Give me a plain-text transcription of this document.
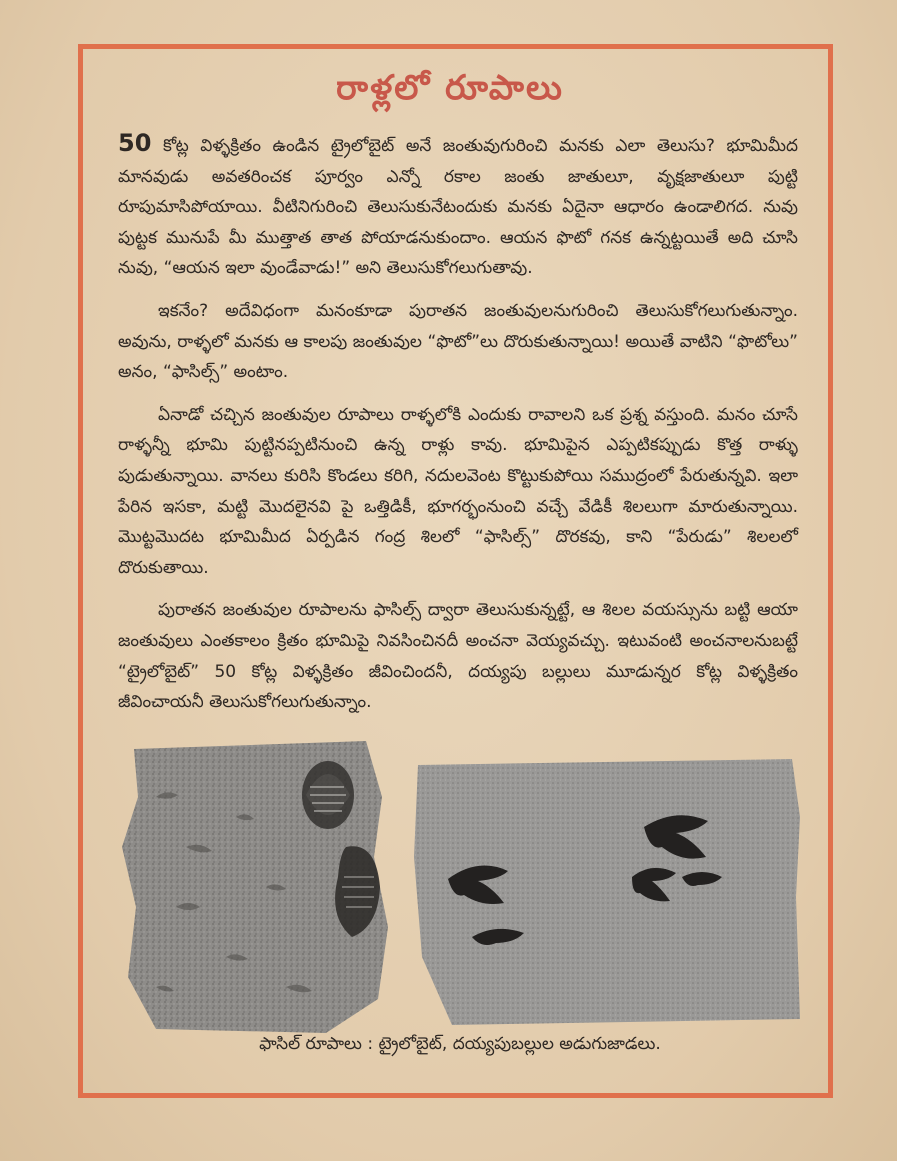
రాళ్లలో రూపాలు

50 కోట్ల విళ్ళక్రితం ఉండిన ట్రైలోబైట్ అనే జంతువుగురించి మనకు ఎలా తెలుసు? భూమిమీద మానవుడు అవతరించక పూర్వం ఎన్నో రకాల జంతు జాతులూ, వృక్షజాతులూ పుట్టి రూపుమాసిపోయాయి. వీటినిగురించి తెలుసుకునేటందుకు మనకు ఏదైనా ఆధారం ఉండాలిగద. నువు పుట్టక మునుపే మీ ముత్తాత తాత పోయాడనుకుందాం. ఆయన ఫొటో గనక ఉన్నట్టయితే అది చూసి నువు, “ఆయన ఇలా వుండేవాడు!” అని తెలుసుకోగలుగుతావు.

ఇకనేం? అదేవిధంగా మనంకూడా పురాతన జంతువులనుగురించి తెలుసుకోగలుగుతున్నాం. అవును, రాళ్ళలో మనకు ఆ కాలపు జంతువుల “ఫొటో”లు దొరుకుతున్నాయి! అయితే వాటిని “ఫొటోలు” అనం, “ఫాసిల్స్” అంటాం.

ఏనాడో చచ్చిన జంతువుల రూపాలు రాళ్ళలోకి ఎందుకు రావాలని ఒక ప్రశ్న వస్తుంది. మనం చూసే రాళ్ళన్నీ భూమి పుట్టినప్పటినుంచి ఉన్న రాళ్లు కావు. భూమిపైన ఎప్పటికప్పుడు కొత్త రాళ్ళు పుడుతున్నాయి. వానలు కురిసి కొండలు కరిగి, నదులవెంట కొట్టుకుపోయి సముద్రంలో పేరుతున్నవి. ఇలా పేరిన ఇసకా, మట్టి మొదలైనవి పై ఒత్తిడికీ, భూగర్భంనుంచి వచ్చే వేడికీ శిలలుగా మారుతున్నాయి. మొట్టమొదట భూమిమీద ఏర్పడిన గంద్ర శిలలో “ఫాసిల్స్” దొరకవు, కాని “పేరుడు” శిలలలో దొరుకుతాయి.

పురాతన జంతువుల రూపాలను ఫాసిల్స్ ద్వారా తెలుసుకున్నట్టే, ఆ శిలల వయస్సును బట్టి ఆయా జంతువులు ఎంతకాలం క్రితం భూమిపై నివసించినదీ అంచనా వెయ్యవచ్చు. ఇటువంటి అంచనాలనుబట్టే “ట్రైలోబైట్” 50 కోట్ల విళ్ళక్రితం జీవించిందనీ, దయ్యపు బల్లులు మూడున్నర కోట్ల విళ్ళక్రితం జీవించాయనీ తెలుసుకోగలుగుతున్నాం.

ఫాసిల్ రూపాలు : ట్రైలోబైట్, దయ్యపుబల్లుల అడుగుజాడలు.
